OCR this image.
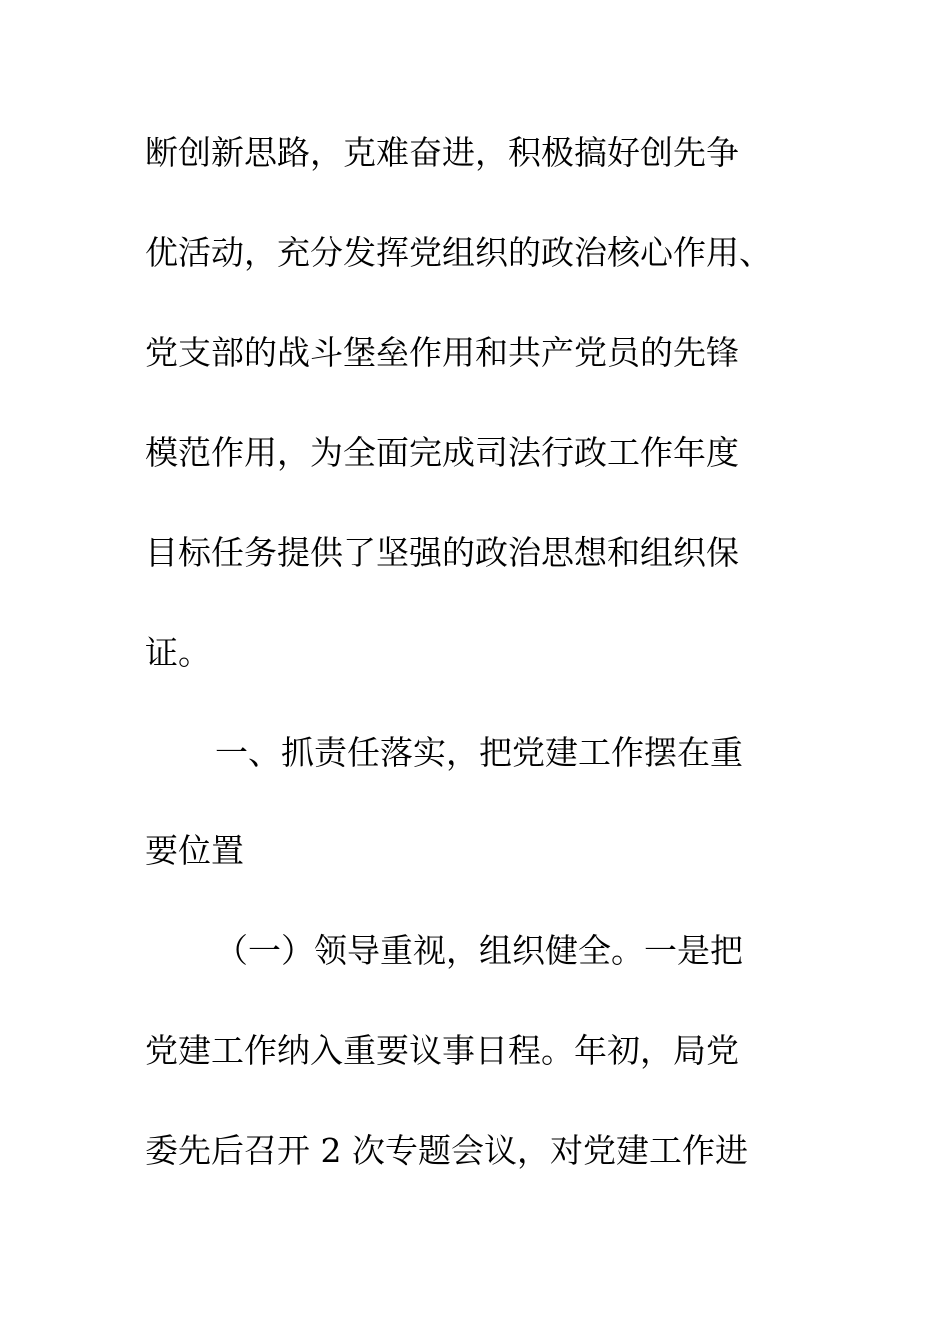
断创新思路，克难奋进，积极搞好创先争
优活动，充分发挥党组织的政治核心作用、
党支部的战斗堡垒作用和共产党员的先锋
模范作用，为全面完成司法行政工作年度
目标任务提供了坚强的政治思想和组织保
证。
一、抓责任落实，把党建工作摆在重
要位置
（一）领导重视，组织健全。一是把
党建工作纳入重要议事日程。年初，局党
委先后召开 2 次专题会议，对党建工作进
